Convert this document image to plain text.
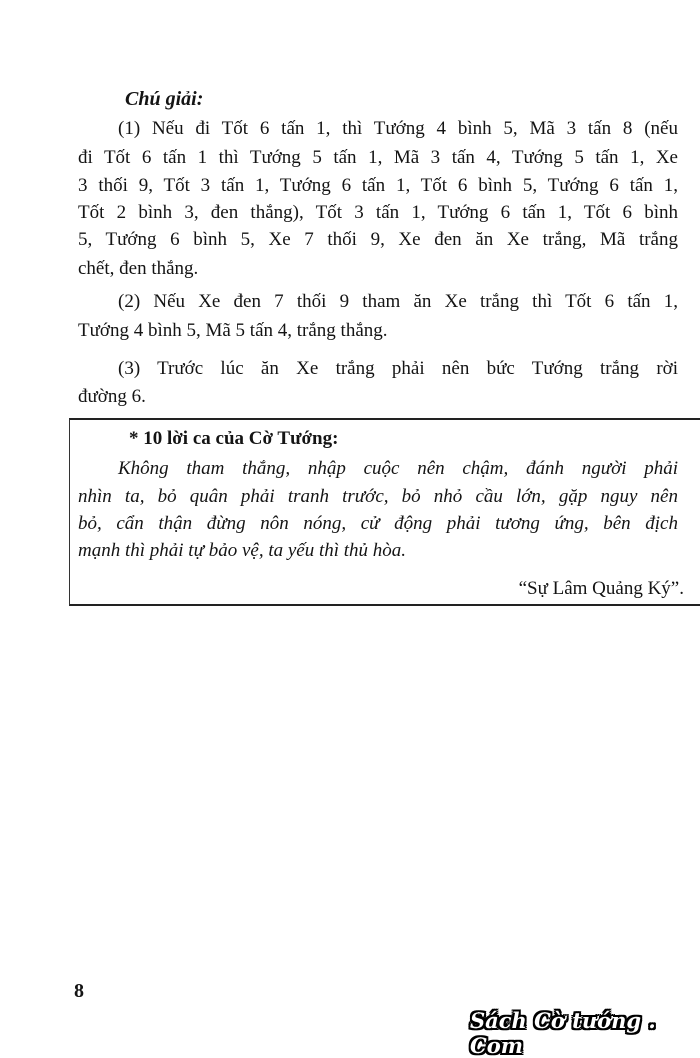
Chú giải:
(1) Nếu đi Tốt 6 tấn 1, thì Tướng 4 bình 5, Mã 3 tấn 8 (nếu
đi Tốt 6 tấn 1 thì Tướng 5 tấn 1, Mã 3 tấn 4, Tướng 5 tấn 1, Xe
3 thối 9, Tốt 3 tấn 1, Tướng 6 tấn 1, Tốt 6 bình 5, Tướng 6 tấn 1,
Tốt 2 bình 3, đen thắng), Tốt 3 tấn 1, Tướng 6 tấn 1, Tốt 6 bình
5, Tướng 6 bình 5, Xe 7 thối 9, Xe đen ăn Xe trắng, Mã trắng
chết, đen thắng.
(2) Nếu Xe đen 7 thối 9 tham ăn Xe trắng thì Tốt 6 tấn 1,
Tướng 4 bình 5, Mã 5 tấn 4, trắng thắng.
(3) Trước lúc ăn Xe trắng phải nên bức Tướng trắng rời
đường 6.
* 10 lời ca của Cờ Tướng:
Không tham thắng, nhập cuộc nên chậm, đánh người phải
nhìn ta, bỏ quân phải tranh trước, bỏ nhỏ cầu lớn, gặp nguy nên
bỏ, cẩn thận đừng nôn nóng, cử động phải tương ứng, bên địch
mạnh thì phải tự bảo vệ, ta yếu thì thủ hòa.
“Sự Lâm Quảng Ký”.
8
Sách Cờ tướng . Com
